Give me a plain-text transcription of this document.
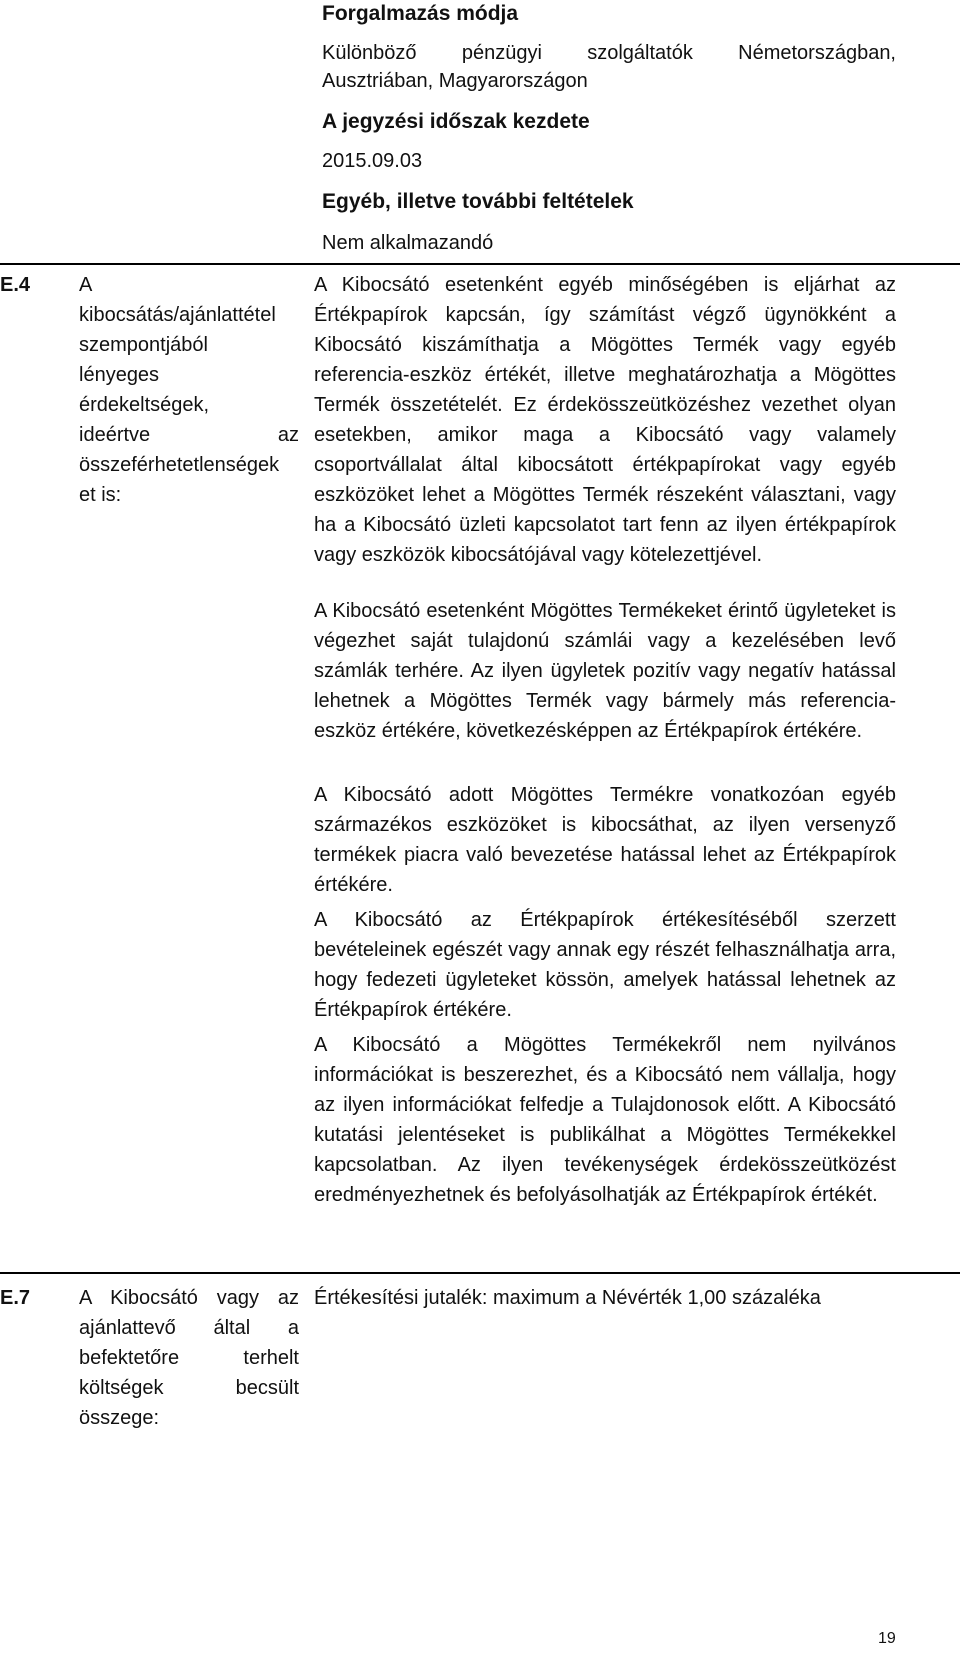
Forgalmazás módja
Különböző pénzügyi szolgáltatók Németországban,
Ausztriában, Magyarországon
A jegyzési időszak kezdete
2015.09.03
Egyéb, illetve további feltételek
Nem alkalmazandó
E.4 A
kibocsátás/ajánlattétel
szempontjából
lényeges
érdekeltségek,
ideértve az
összeférhetetlenségek
et is:

A Kibocsátó esetenként egyéb minőségében is eljárhat az Értékpapírok kapcsán, így számítást végző ügynökként a Kibocsátó kiszámíthatja a Mögöttes Termék vagy egyéb referencia-eszköz értékét, illetve meghatározhatja a Mögöttes Termék összetételét. Ez érdekösszeütközéshez vezethet olyan esetekben, amikor maga a Kibocsátó vagy valamely csoportvállalat által kibocsátott értékpapírokat vagy egyéb eszközöket lehet a Mögöttes Termék részeként választani, vagy ha a Kibocsátó üzleti kapcsolatot tart fenn az ilyen értékpapírok vagy eszközök kibocsátójával vagy kötelezettjével.

A Kibocsátó esetenként Mögöttes Termékeket érintő ügyleteket is végezhet saját tulajdonú számlái vagy a kezelésében levő számlák terhére. Az ilyen ügyletek pozitív vagy negatív hatással lehetnek a Mögöttes Termék vagy bármely más referencia-eszköz értékére, következésképpen az Értékpapírok értékére.

A Kibocsátó adott Mögöttes Termékre vonatkozóan egyéb származékos eszközöket is kibocsáthat, az ilyen versenyző termékek piacra való bevezetése hatással lehet az Értékpapírok értékére.

A Kibocsátó az Értékpapírok értékesítéséből szerzett bevételeinek egészét vagy annak egy részét felhasználhatja arra, hogy fedezeti ügyleteket kössön, amelyek hatással lehetnek az Értékpapírok értékére.

A Kibocsátó a Mögöttes Termékekről nem nyilvános információkat is beszerezhet, és a Kibocsátó nem vállalja, hogy az ilyen információkat felfedje a Tulajdonosok előtt. A Kibocsátó kutatási jelentéseket is publikálhat a Mögöttes Termékekkel kapcsolatban. Az ilyen tevékenységek érdekösszeütközést eredményezhetnek és befolyásolhatják az Értékpapírok értékét.

E.7 A Kibocsátó vagy az
ajánlattevő által a
befektetőre terhelt
költségek becsült
összege:
Értékesítési jutalék: maximum a Névérték 1,00 százaléka
19
